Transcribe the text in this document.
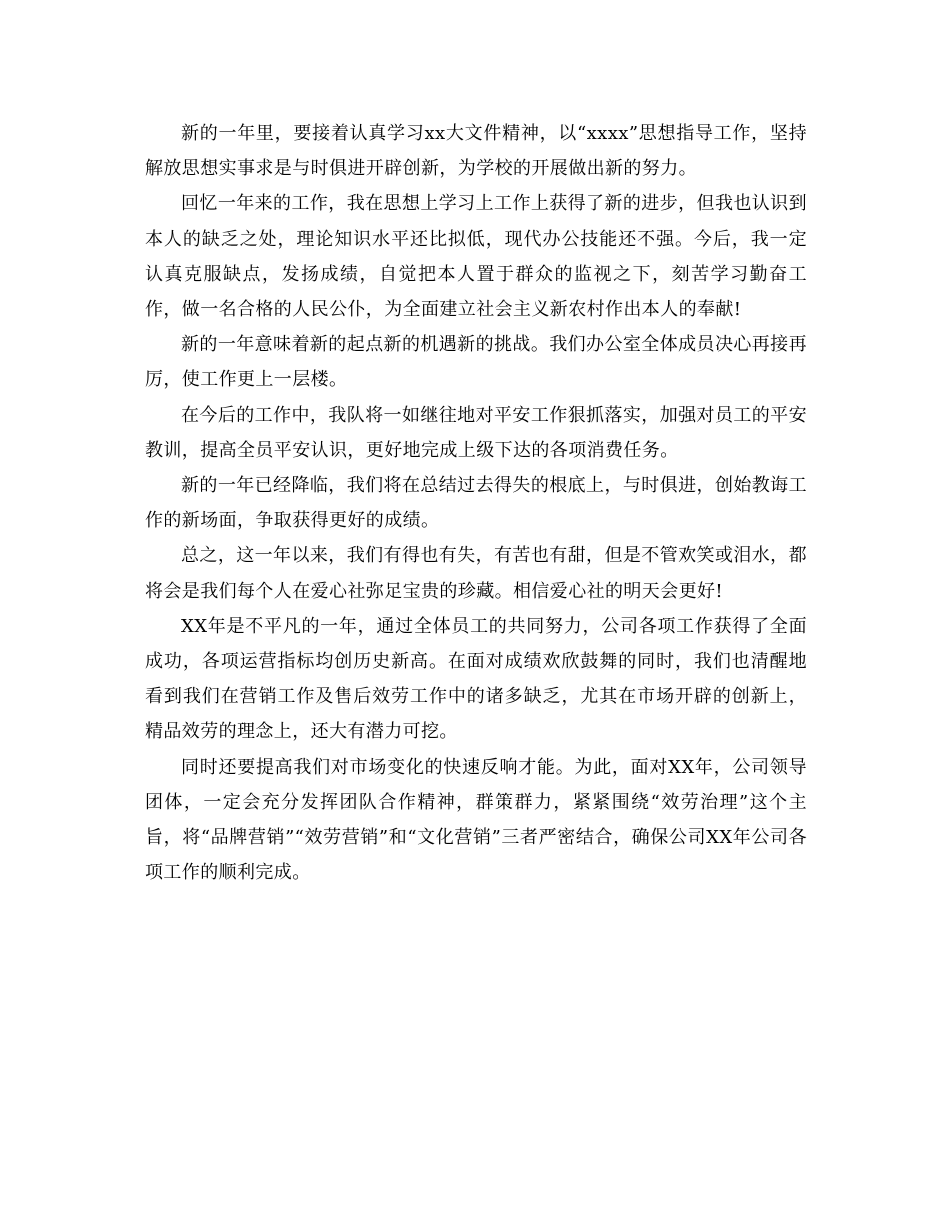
新的一年里，要接着认真学习xx大文件精神，以“xxxx”思想指导工作，坚持解放思想实事求是与时俱进开辟创新，为学校的开展做出新的努力。

回忆一年来的工作，我在思想上学习上工作上获得了新的进步，但我也认识到本人的缺乏之处，理论知识水平还比拟低，现代办公技能还不强。今后，我一定认真克服缺点，发扬成绩，自觉把本人置于群众的监视之下，刻苦学习勤奋工作，做一名合格的人民公仆，为全面建立社会主义新农村作出本人的奉献!

新的一年意味着新的起点新的机遇新的挑战。我们办公室全体成员决心再接再厉，使工作更上一层楼。

在今后的工作中，我队将一如继往地对平安工作狠抓落实，加强对员工的平安教训，提高全员平安认识，更好地完成上级下达的各项消费任务。

新的一年已经降临，我们将在总结过去得失的根底上，与时俱进，创始教诲工作的新场面，争取获得更好的成绩。

总之，这一年以来，我们有得也有失，有苦也有甜，但是不管欢笑或泪水，都将会是我们每个人在爱心社弥足宝贵的珍藏。相信爱心社的明天会更好!

XX年是不平凡的一年，通过全体员工的共同努力，公司各项工作获得了全面成功，各项运营指标均创历史新高。在面对成绩欢欣鼓舞的同时，我们也清醒地看到我们在营销工作及售后效劳工作中的诸多缺乏，尤其在市场开辟的创新上，精品效劳的理念上，还大有潜力可挖。

同时还要提高我们对市场变化的快速反响才能。为此，面对XX年，公司领导团体，一定会充分发挥团队合作精神，群策群力，紧紧围绕“效劳治理”这个主旨，将“品牌营销”“效劳营销”和“文化营销”三者严密结合，确保公司XX年公司各项工作的顺利完成。
